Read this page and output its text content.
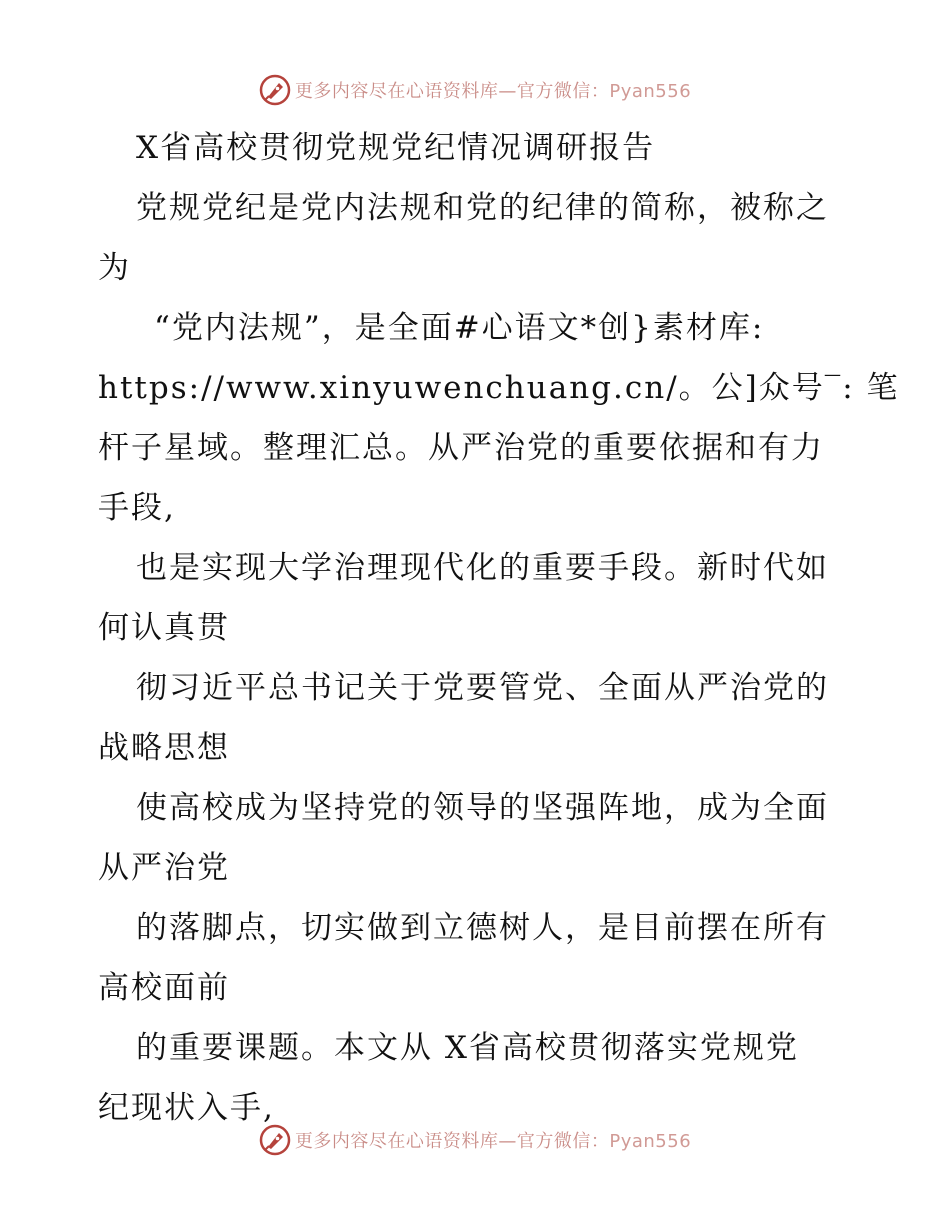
更多内容尽在心语资料库—官方微信：Pyan556
X省高校贯彻党规党纪情况调研报告
党规党纪是党内法规和党的纪律的简称，被称之
为
“党内法规”，是全面#心语文*创}素材库:
https://www.xinyuwenchuang.cn/。公]众号‾: 笔
杆子星域。整理汇总。从严治党的重要依据和有力
手段,
也是实现大学治理现代化的重要手段。新时代如
何认真贯
彻习近平总书记关于党要管党、全面从严治党的
战略思想
使高校成为坚持党的领导的坚强阵地，成为全面
从严治党
的落脚点，切实做到立德树人，是目前摆在所有
高校面前
的重要课题。本文从 X省高校贯彻落实党规党
纪现状入手,
更多内容尽在心语资料库—官方微信：Pyan556
